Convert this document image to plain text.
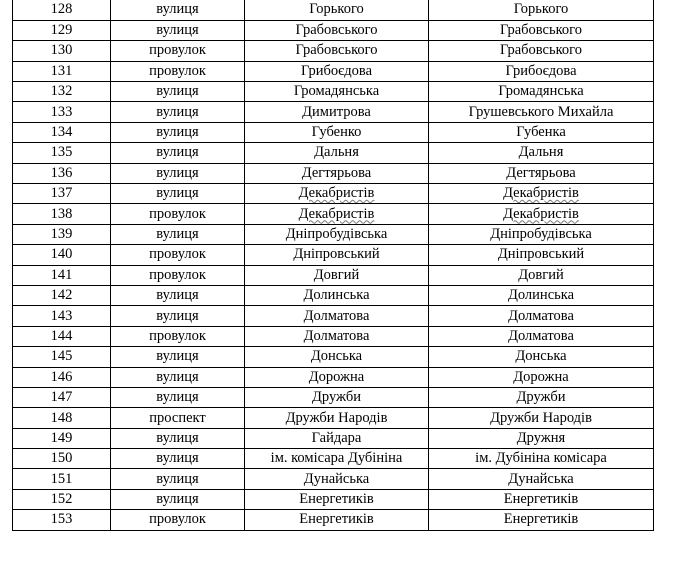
128	вулиця	Горького	Горького
129	вулиця	Грабовського	Грабовського
130	провулок	Грабовського	Грабовського
131	провулок	Грибоєдова	Грибоєдова
132	вулиця	Громадянська	Громадянська
133	вулиця	Димитрова	Грушевського Михайла
134	вулиця	Губенко	Губенка
135	вулиця	Дальня	Дальня
136	вулиця	Дегтярьова	Дегтярьова
137	вулиця	Декабристів	Декабристів
138	провулок	Декабристів	Декабристів
139	вулиця	Дніпробудівська	Дніпробудівська
140	провулок	Дніпровський	Дніпровський
141	провулок	Довгий	Довгий
142	вулиця	Долинська	Долинська
143	вулиця	Долматова	Долматова
144	провулок	Долматова	Долматова
145	вулиця	Донська	Донська
146	вулиця	Дорожна	Дорожна
147	вулиця	Дружби	Дружби
148	проспект	Дружби Народів	Дружби Народів
149	вулиця	Гайдара	Дружня
150	вулиця	ім. комісара Дубініна	ім. Дубініна комісара
151	вулиця	Дунайська	Дунайська
152	вулиця	Енергетиків	Енергетиків
153	провулок	Енергетиків	Енергетиків
